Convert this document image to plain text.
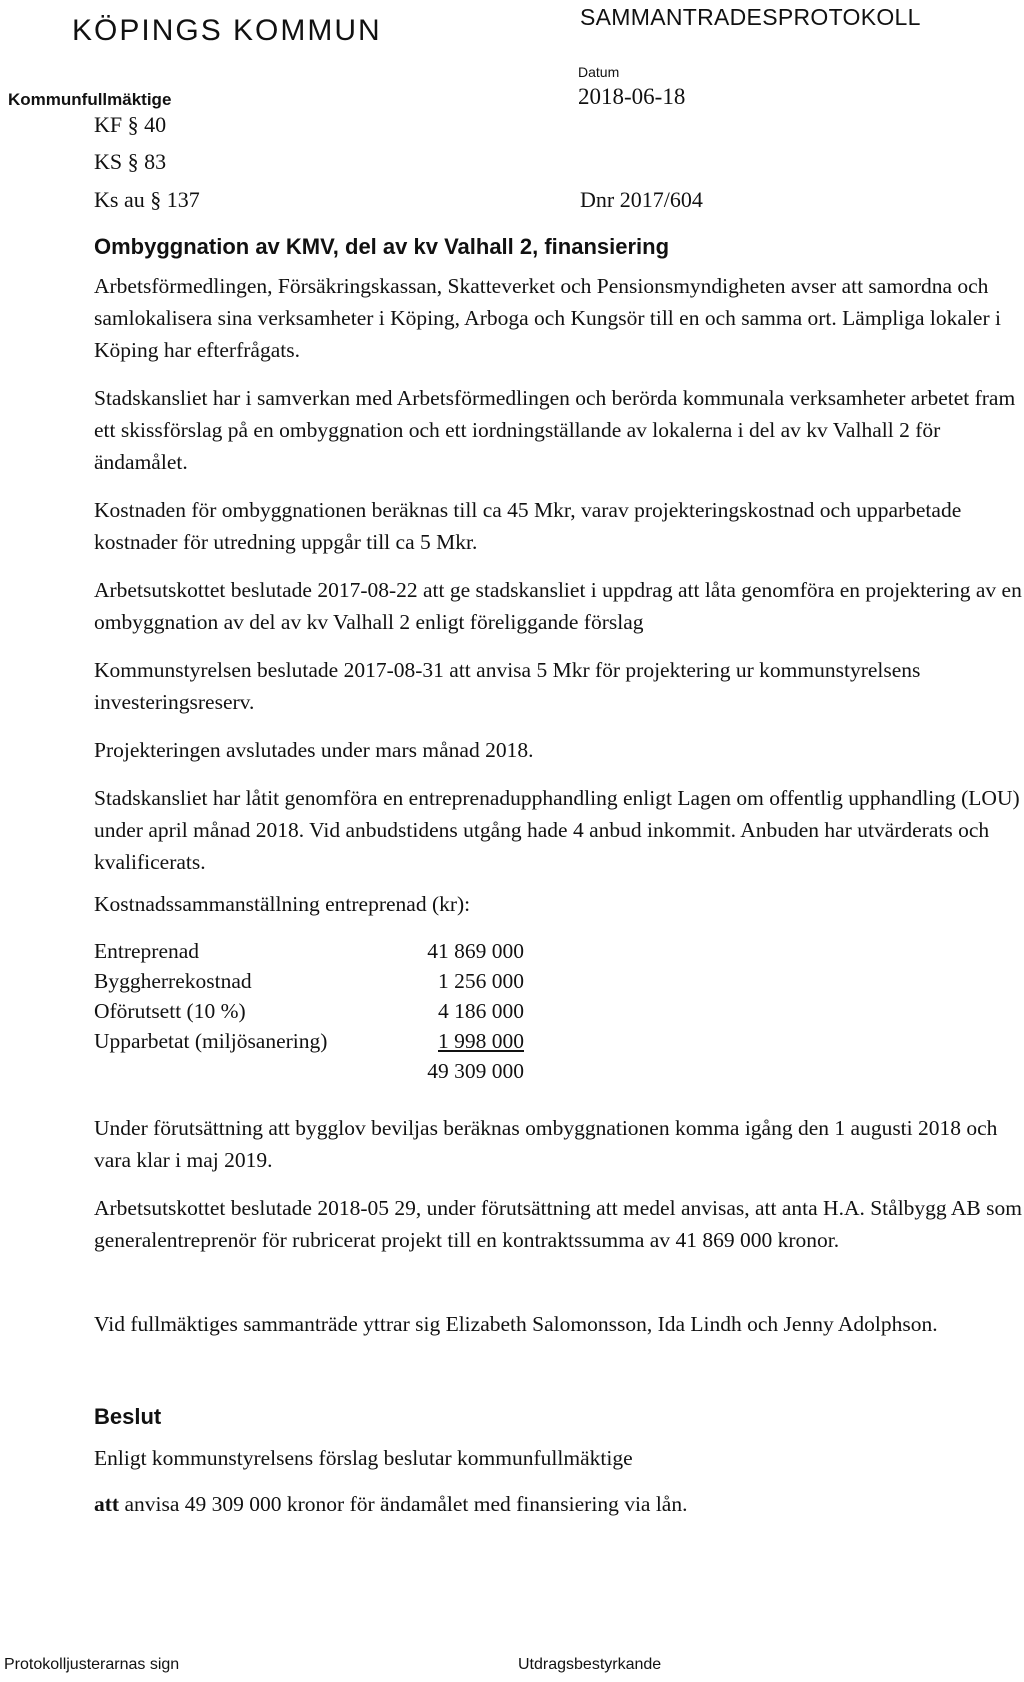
KÖPINGS KOMMUN	SAMMANTRADESPROTOKOLL
Datum
2018-06-18
Kommunfullmäktige
KF § 40
KS § 83
Ks au § 137	Dnr 2017/604
Ombyggnation av KMV, del av kv Valhall 2, finansiering

Arbetsförmedlingen, Försäkringskassan, Skatteverket och Pensionsmyndigheten avser att samordna och samlokalisera sina verksamheter i Köping, Arboga och Kungsör till en och samma ort. Lämpliga lokaler i Köping har efterfrågats.

Stadskansliet har i samverkan med Arbetsförmedlingen och berörda kommunala verksamheter arbetet fram ett skissförslag på en ombyggnation och ett iordningställande av lokalerna i del av kv Valhall 2 för ändamålet.

Kostnaden för ombyggnationen beräknas till ca 45 Mkr, varav projekteringskostnad och upparbetade kostnader för utredning uppgår till ca 5 Mkr.

Arbetsutskottet beslutade 2017-08-22 att ge stadskansliet i uppdrag att låta genomföra en projektering av en ombyggnation av del av kv Valhall 2 enligt föreliggande förslag

Kommunstyrelsen beslutade 2017-08-31 att anvisa 5 Mkr för projektering ur kommunstyrelsens investeringsreserv.

Projekteringen avslutades under mars månad 2018.

Stadskansliet har låtit genomföra en entreprenadupphandling enligt Lagen om offentlig upphandling (LOU) under april månad 2018. Vid anbudstidens utgång hade 4 anbud inkommit. Anbuden har utvärderats och kvalificerats.

Kostnadssammanställning entreprenad (kr):

Entreprenad	41 869 000
Byggherrekostnad	1 256 000
Oförutsett (10 %)	4 186 000
Upparbetat (miljösanering)	1 998 000
	49 309 000

Under förutsättning att bygglov beviljas beräknas ombyggnationen komma igång den 1 augusti 2018 och vara klar i maj 2019.

Arbetsutskottet beslutade 2018-05 29, under förutsättning att medel anvisas, att anta H.A. Stålbygg AB som generalentreprenör för rubricerat projekt till en kontraktssumma av 41 869 000 kronor.

Vid fullmäktiges sammanträde yttrar sig Elizabeth Salomonsson, Ida Lindh och Jenny Adolphson.

Beslut

Enligt kommunstyrelsens förslag beslutar kommunfullmäktige

att anvisa 49 309 000 kronor för ändamålet med finansiering via lån.

Protokolljusterarnas sign	Utdragsbestyrkande
